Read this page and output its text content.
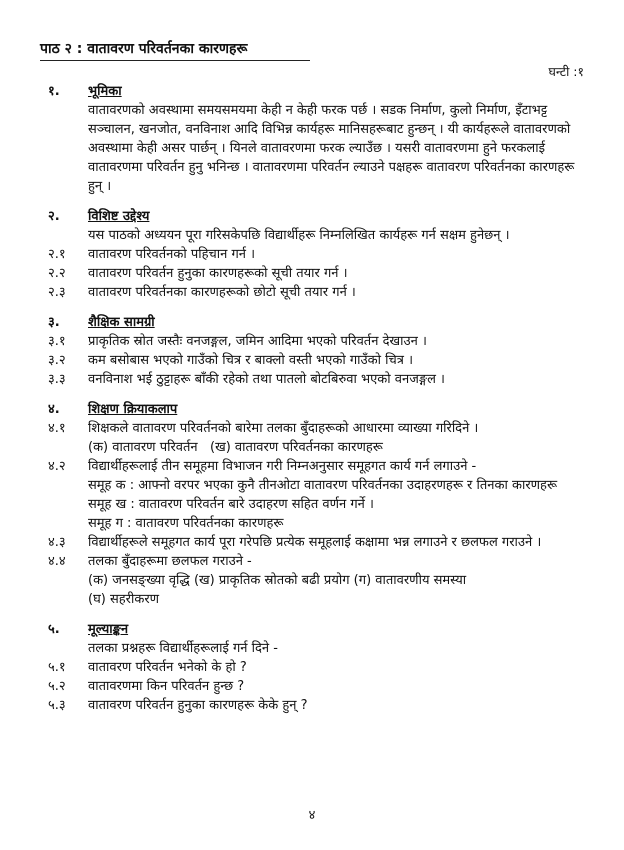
पाठ २ : वातावरण परिवर्तनका कारणहरू
घन्टी :१
१.	भूमिका
वातावरणको अवस्थामा समयसमयमा केही न केही फरक पर्छ । सडक निर्माण, कुलो निर्माण, इँटाभट्ट सञ्चालन, खनजोत, वनविनाश आदि विभिन्न कार्यहरू मानिसहरूबाट हुन्छन् । यी कार्यहरूले वातावरणको अवस्थामा केही असर पार्छन् । यिनले वातावरणमा फरक ल्याउँछ । यसरी वातावरणमा हुने फरकलाई वातावरणमा परिवर्तन हुनु भनिन्छ । वातावरणमा परिवर्तन ल्याउने पक्षहरू वातावरण परिवर्तनका कारणहरू हुन् ।
२.	विशिष्ट उद्देश्य
यस पाठको अध्ययन पूरा गरिसकेपछि विद्यार्थीहरू निम्नलिखित कार्यहरू गर्न सक्षम हुनेछन् ।
२.१	वातावरण परिवर्तनको पहिचान गर्न ।
२.२	वातावरण परिवर्तन हुनुका कारणहरूको सूची तयार गर्न ।
२.३	वातावरण परिवर्तनका कारणहरूको छोटो सूची तयार गर्न ।
३.	शैक्षिक सामग्री
३.१	प्राकृतिक स्रोत जस्तैः वनजङ्गल, जमिन आदिमा भएको परिवर्तन देखाउन ।
३.२	कम बसोबास भएको गाउँको चित्र र बाक्लो वस्ती भएको गाउँको चित्र ।
३.३	वनविनाश भई ठुट्टाहरू बाँकी रहेको तथा पातलो बोटबिरुवा भएको वनजङ्गल ।
४.	शिक्षण क्रियाकलाप
४.१	शिक्षकले वातावरण परिवर्तनको बारेमा तलका बुँदाहरूको आधारमा व्याख्या गरिदिने ।
(क) वातावरण परिवर्तन   (ख) वातावरण परिवर्तनका कारणहरू
४.२	विद्यार्थीहरूलाई तीन समूहमा विभाजन गरी निम्नअनुसार समूहगत कार्य गर्न लगाउने -
समूह क : आफ्नो वरपर भएका कुनै तीनओटा वातावरण परिवर्तनका उदाहरणहरू र तिनका कारणहरू
समूह ख : वातावरण परिवर्तन बारे उदाहरण सहित वर्णन गर्ने ।
समूह ग : वातावरण परिवर्तनका कारणहरू
४.३	विद्यार्थीहरूले समूहगत कार्य पूरा गरेपछि प्रत्येक समूहलाई कक्षामा भन्न लगाउने र छलफल गराउने ।
४.४	तलका बुँदाहरूमा छलफल गराउने -
(क) जनसङ्ख्या वृद्धि (ख) प्राकृतिक स्रोतको बढी प्रयोग (ग) वातावरणीय समस्या
(घ) सहरीकरण
५.	मूल्याङ्कन
तलका प्रश्नहरू विद्यार्थीहरूलाई गर्न दिने -
५.१	वातावरण परिवर्तन भनेको के हो ?
५.२	वातावरणमा किन परिवर्तन हुन्छ ?
५.३	वातावरण परिवर्तन हुनुका कारणहरू केके हुन् ?
४
